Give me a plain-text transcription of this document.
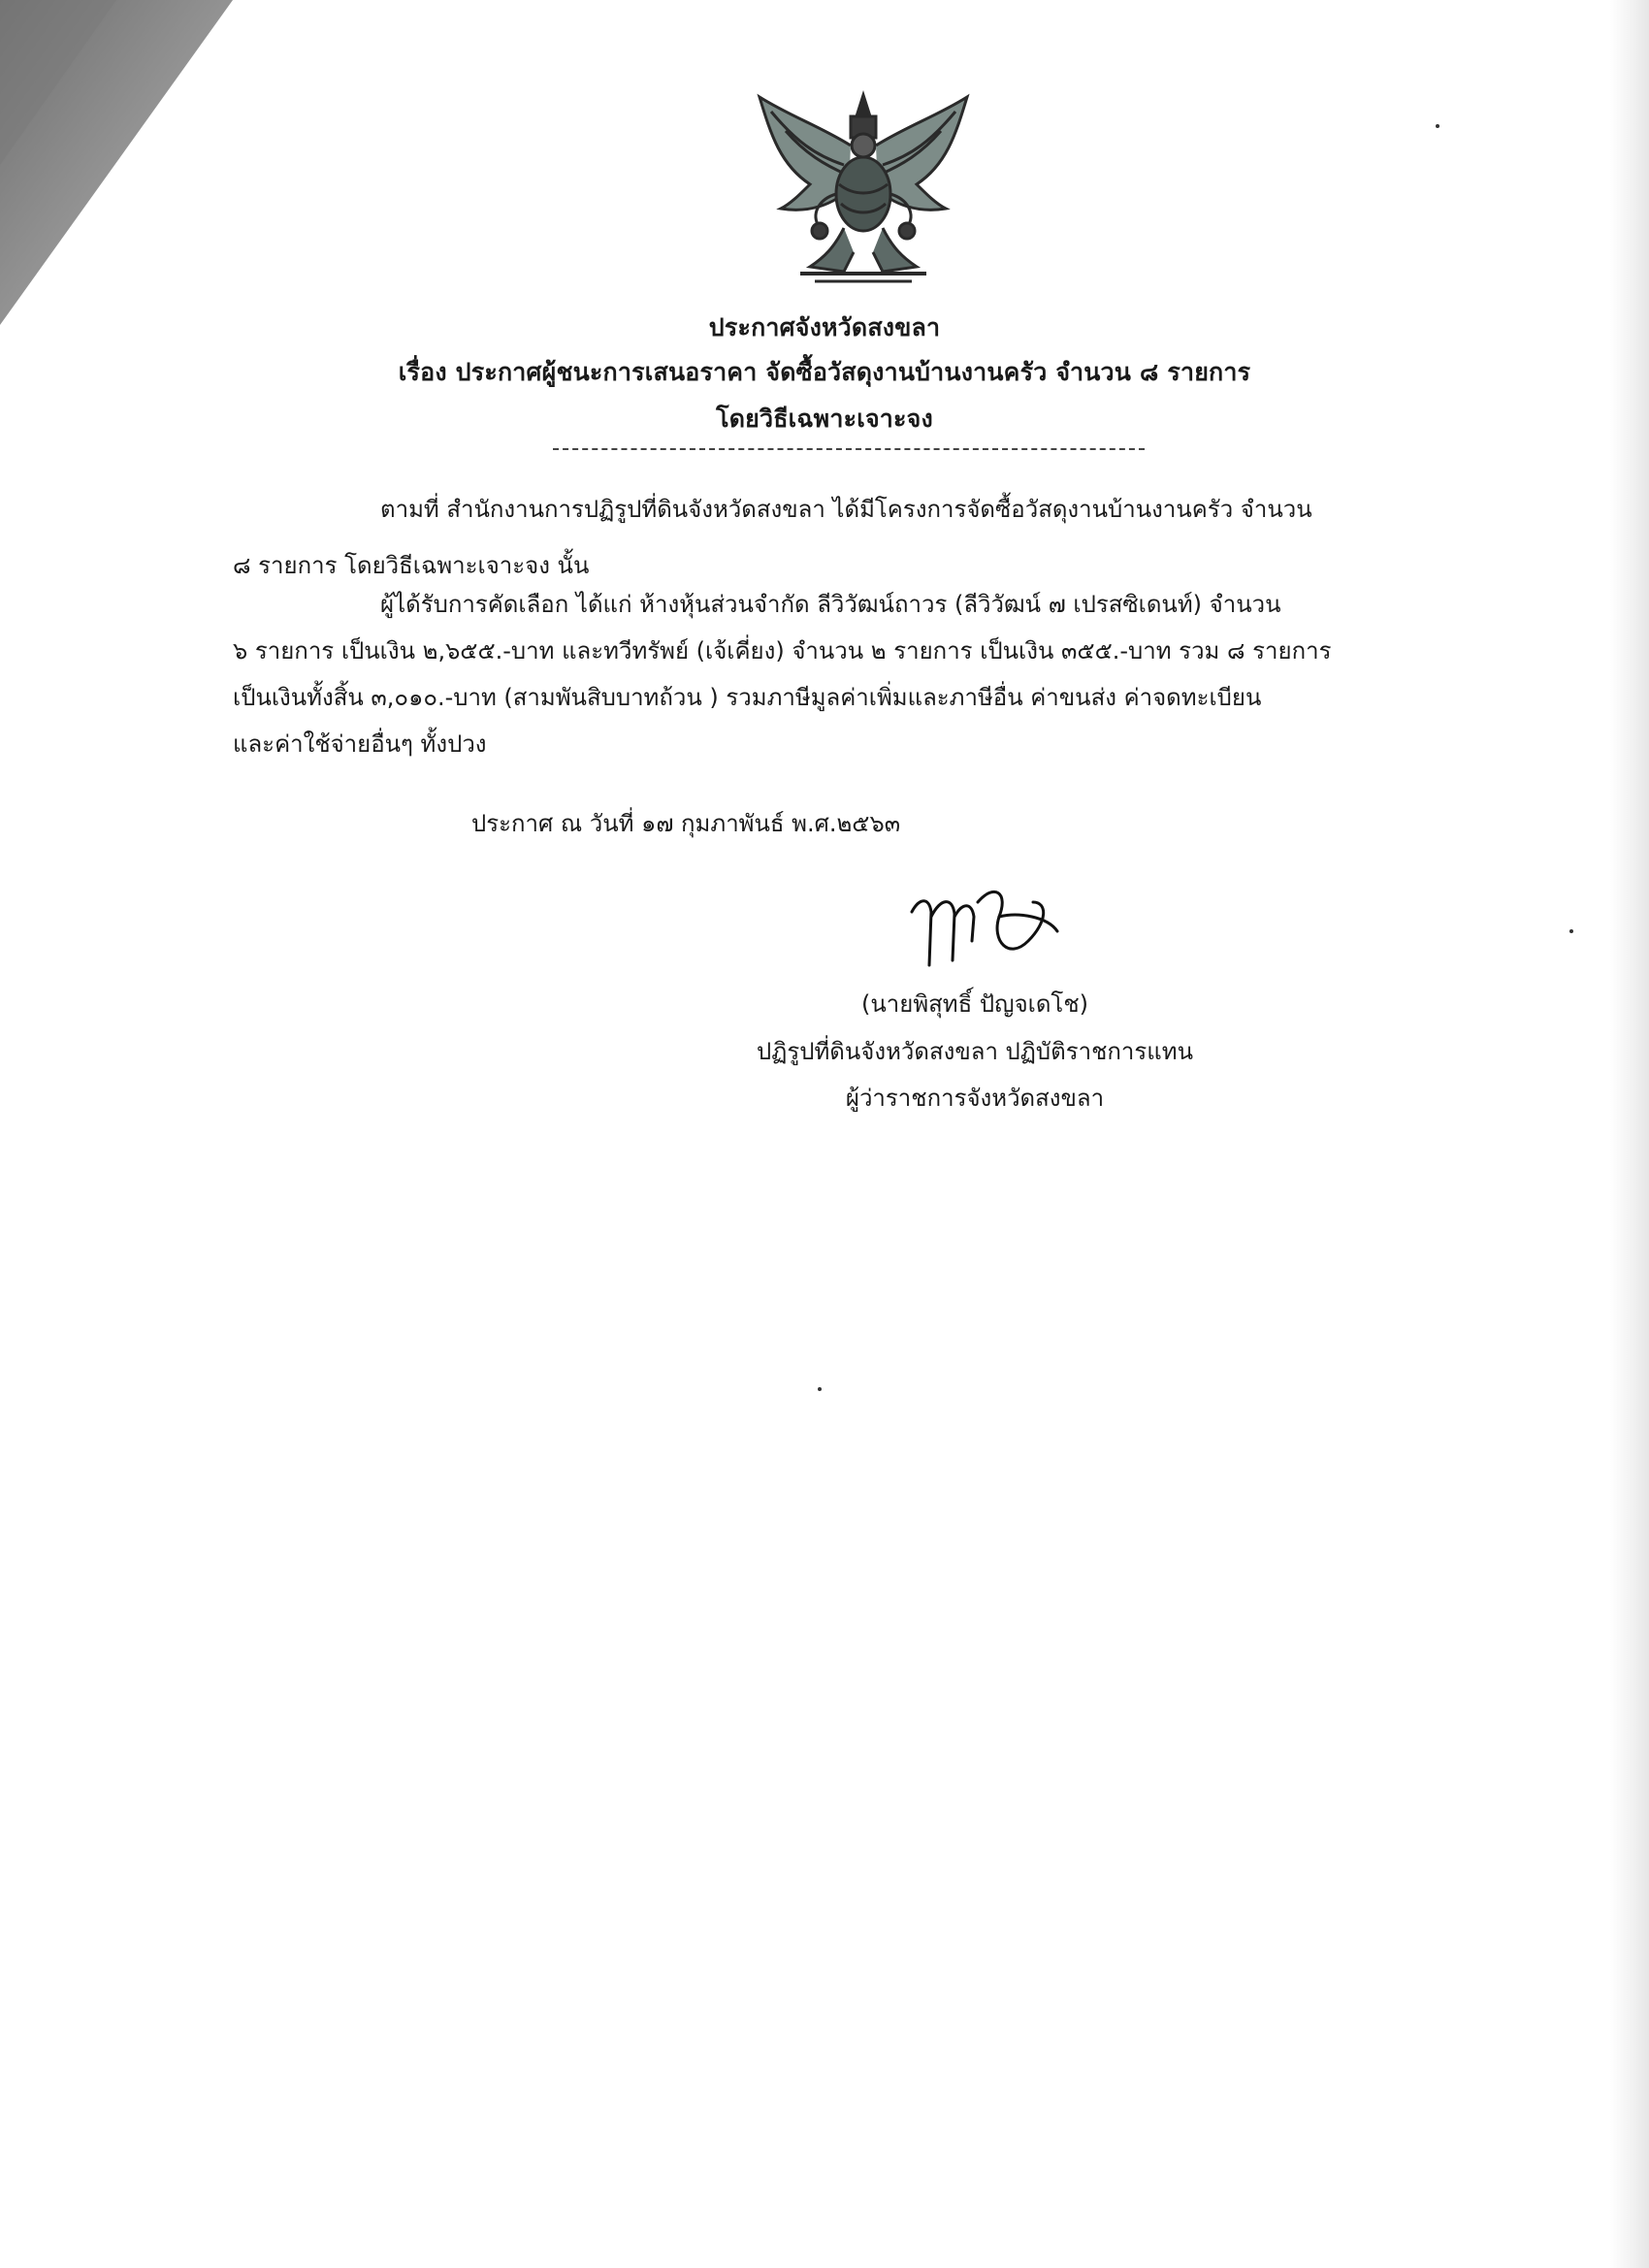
ประกาศจังหวัดสงขลา
เรื่อง ประกาศผู้ชนะการเสนอราคา จัดซื้อวัสดุงานบ้านงานครัว จำนวน ๘ รายการ
โดยวิธีเฉพาะเจาะจง
ตามที่ สำนักงานการปฏิรูปที่ดินจังหวัดสงขลา ได้มีโครงการจัดซื้อวัสดุงานบ้านงานครัว จำนวน
๘ รายการ โดยวิธีเฉพาะเจาะจง นั้น
ผู้ได้รับการคัดเลือก ได้แก่ ห้างหุ้นส่วนจำกัด ลีวิวัฒน์ถาวร (ลีวิวัฒน์ ๗ เปรสซิเดนท์) จำนวน
๖ รายการ เป็นเงิน ๒,๖๕๕.-บาท และทวีทรัพย์ (เจ้เคี่ยง) จำนวน ๒ รายการ เป็นเงิน ๓๕๕.-บาท รวม ๘ รายการ
เป็นเงินทั้งสิ้น ๓,๐๑๐.-บาท (สามพันสิบบาทถ้วน ) รวมภาษีมูลค่าเพิ่มและภาษีอื่น ค่าขนส่ง ค่าจดทะเบียน
และค่าใช้จ่ายอื่นๆ ทั้งปวง
ประกาศ ณ วันที่ ๑๗ กุมภาพันธ์ พ.ศ.๒๕๖๓
(นายพิสุทธิ์ ปัญจเดโช)
ปฏิรูปที่ดินจังหวัดสงขลา ปฏิบัติราชการแทน
ผู้ว่าราชการจังหวัดสงขลา
